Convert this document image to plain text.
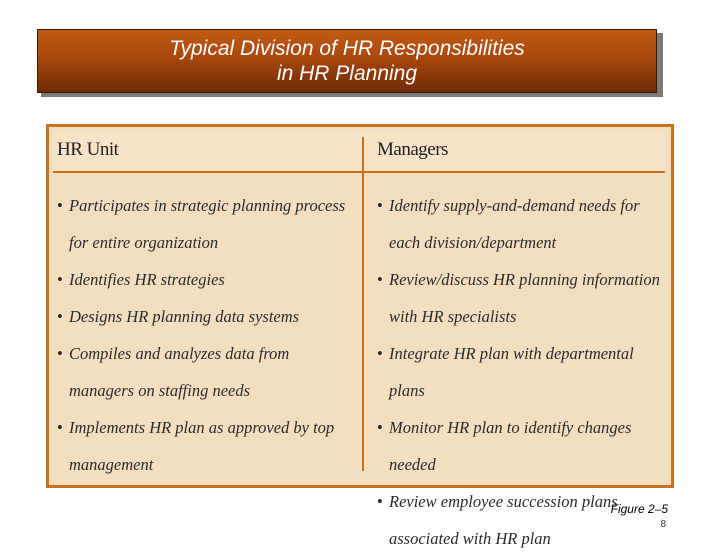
Typical Division of HR Responsibilities
in HR Planning
HR Unit	Managers
• Participates in strategic planning process for entire organization
• Identifies HR strategies
• Designs HR planning data systems
• Compiles and analyzes data from managers on staffing needs
• Implements HR plan as approved by top management
• Identify supply-and-demand needs for each division/department
• Review/discuss HR planning information with HR specialists
• Integrate HR plan with departmental plans
• Monitor HR plan to identify changes needed
• Review employee succession plans associated with HR plan
Figure 2–5
8
